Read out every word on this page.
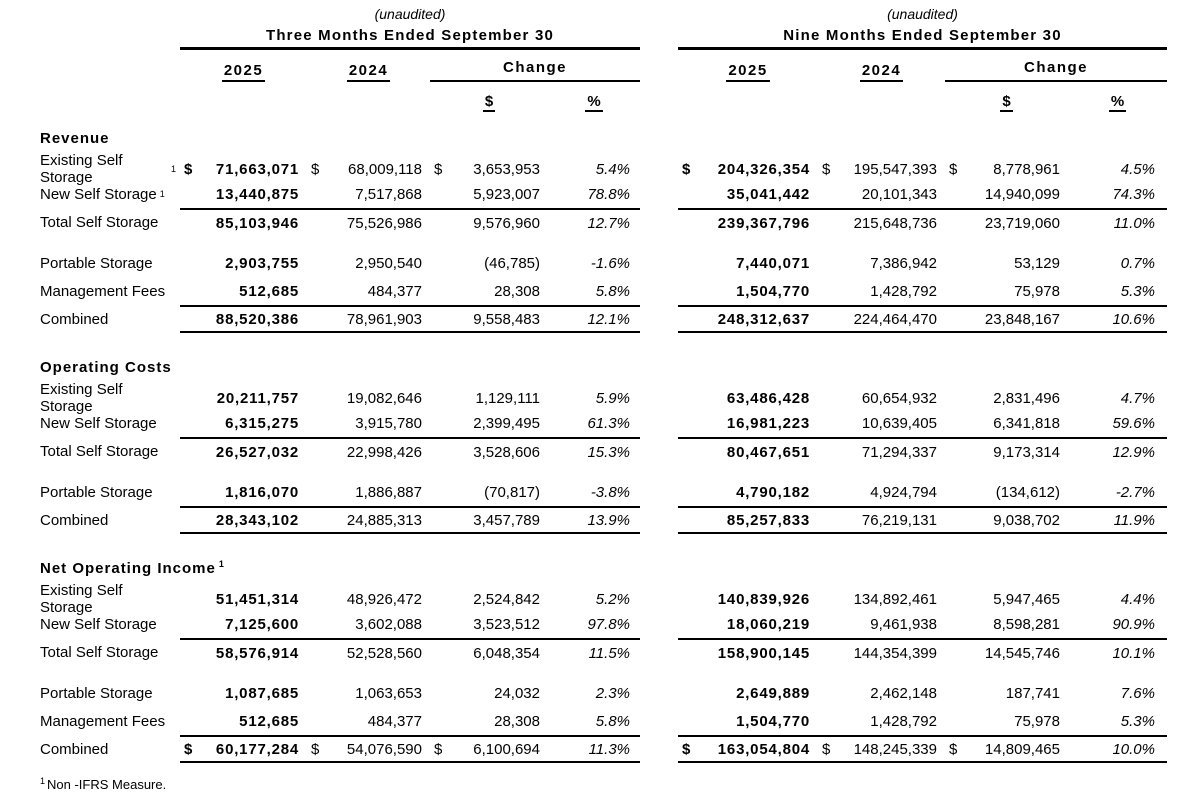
(unaudited)	(unaudited)
Three Months Ended September 30	Nine Months Ended September 30
2025	2024	Change	2025	2024	Change
$	%	$	%
Revenue
Existing Self Storage	1 $ 71,663,071 $ 68,009,118 $ 3,653,953	5.4%	$ 204,326,354 $ 195,547,393 $ 8,778,961	4.5%
New Self Storage 1	13,440,875	7,517,868	5,923,007	78.8%	35,041,442	20,101,343	14,940,099	74.3%
Total Self Storage	85,103,946	75,526,986	9,576,960	12.7%	239,367,796	215,648,736	23,719,060	11.0%
Portable Storage	2,903,755	2,950,540	(46,785)	-1.6%	7,440,071	7,386,942	53,129	0.7%
Management Fees	512,685	484,377	28,308	5.8%	1,504,770	1,428,792	75,978	5.3%
Combined	88,520,386	78,961,903	9,558,483	12.1%	248,312,637	224,464,470	23,848,167	10.6%
Operating Costs
Existing Self Storage	20,211,757	19,082,646	1,129,111	5.9%	63,486,428	60,654,932	2,831,496	4.7%
New Self Storage	6,315,275	3,915,780	2,399,495	61.3%	16,981,223	10,639,405	6,341,818	59.6%
Total Self Storage	26,527,032	22,998,426	3,528,606	15.3%	80,467,651	71,294,337	9,173,314	12.9%
Portable Storage	1,816,070	1,886,887	(70,817)	-3.8%	4,790,182	4,924,794	(134,612)	-2.7%
Combined	28,343,102	24,885,313	3,457,789	13.9%	85,257,833	76,219,131	9,038,702	11.9%
Net Operating Income $^1$
Existing Self Storage	51,451,314	48,926,472	2,524,842	5.2%	140,839,926	134,892,461	5,947,465	4.4%
New Self Storage	7,125,600	3,602,088	3,523,512	97.8%	18,060,219	9,461,938	8,598,281	90.9%
Total Self Storage	58,576,914	52,528,560	6,048,354	11.5%	158,900,145	144,354,399	14,545,746	10.1%
Portable Storage	1,087,685	1,063,653	24,032	2.3%	2,649,889	2,462,148	187,741	7.6%
Management Fees	512,685	484,377	28,308	5.8%	1,504,770	1,428,792	75,978	5.3%
Combined	$ 60,177,284 $ 54,076,590 $ 6,100,694	11.3%	$ 163,054,804 $ 148,245,339 $ 14,809,465	10.0%
$^1$ Non -IFRS Measure.
